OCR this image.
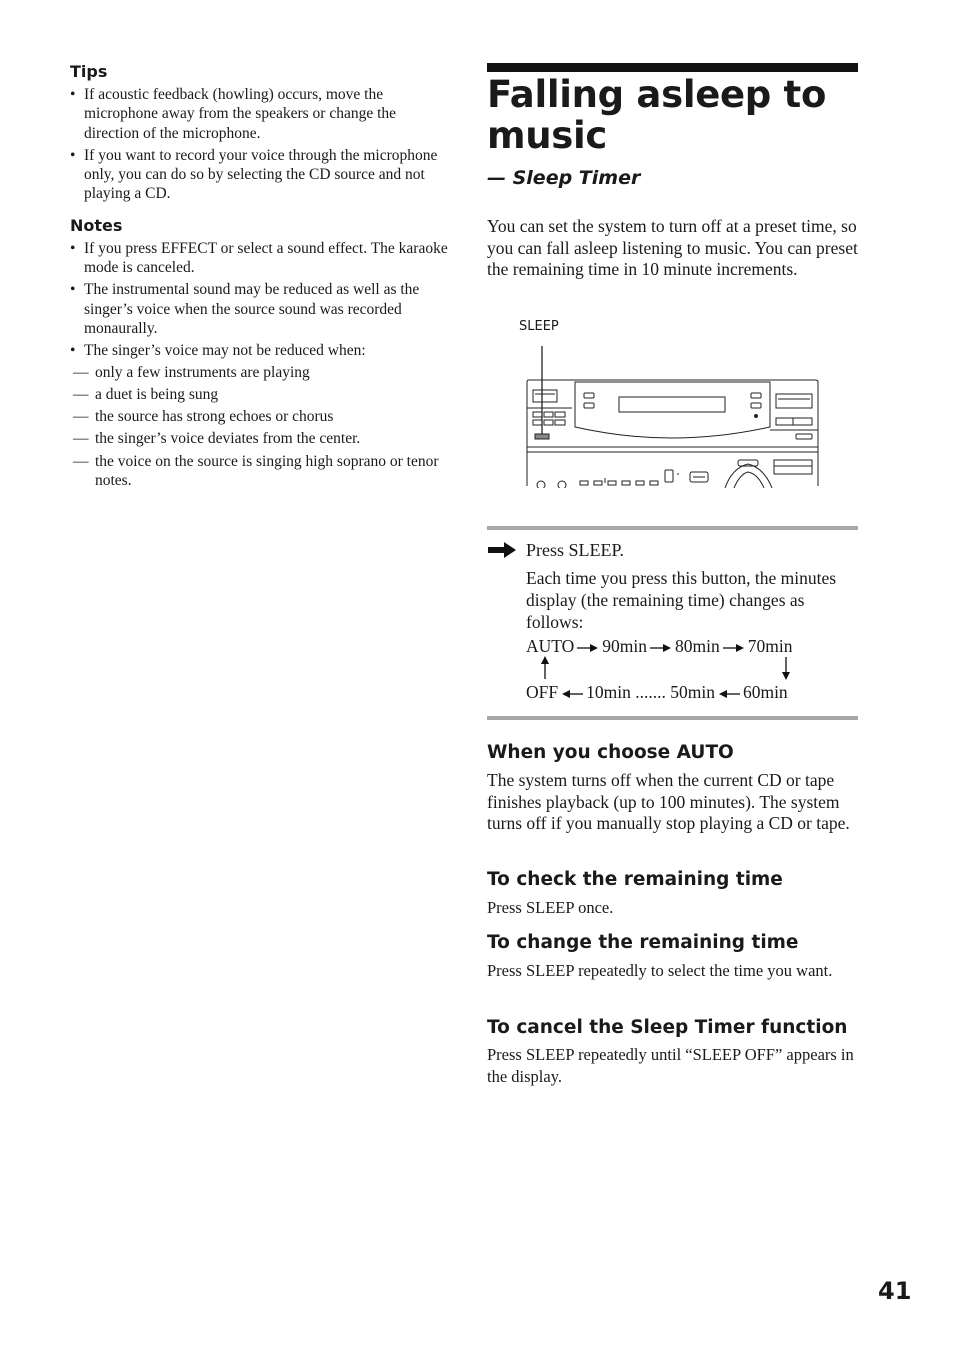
Tips
• If acoustic feedback (howling) occurs, move the microphone away from the speakers or change the direction of the microphone.
• If you want to record your voice through the microphone only, you can do so by selecting the CD source and not playing a CD.
Notes
• If you press EFFECT or select a sound effect. The karaoke mode is canceled.
• The instrumental sound may be reduced as well as the singer’s voice when the source sound was recorded monaurally.
• The singer’s voice may not be reduced when:
— only a few instruments are playing
— a duet is being sung
— the source has strong echoes or chorus
— the singer’s voice deviates from the center.
— the voice on the source is singing high soprano or tenor notes.
Falling asleep to music
— Sleep Timer

You can set the system to turn off at a preset time, so you can fall asleep listening to music. You can preset the remaining time in 10 minute increments.

SLEEP

Press SLEEP.

Each time you press this button, the minutes display (the remaining time) changes as follows:

AUTO 90min 80min 70min
OFF 10min ....... 50min 60min
When you choose AUTO

The system turns off when the current CD or tape finishes playback (up to 100 minutes). The system turns off if you manually stop playing a CD or tape.

To check the remaining time

Press SLEEP once.

To change the remaining time

Press SLEEP repeatedly to select the time you want.

To cancel the Sleep Timer function

Press SLEEP repeatedly until “SLEEP OFF” appears in the display.

41
